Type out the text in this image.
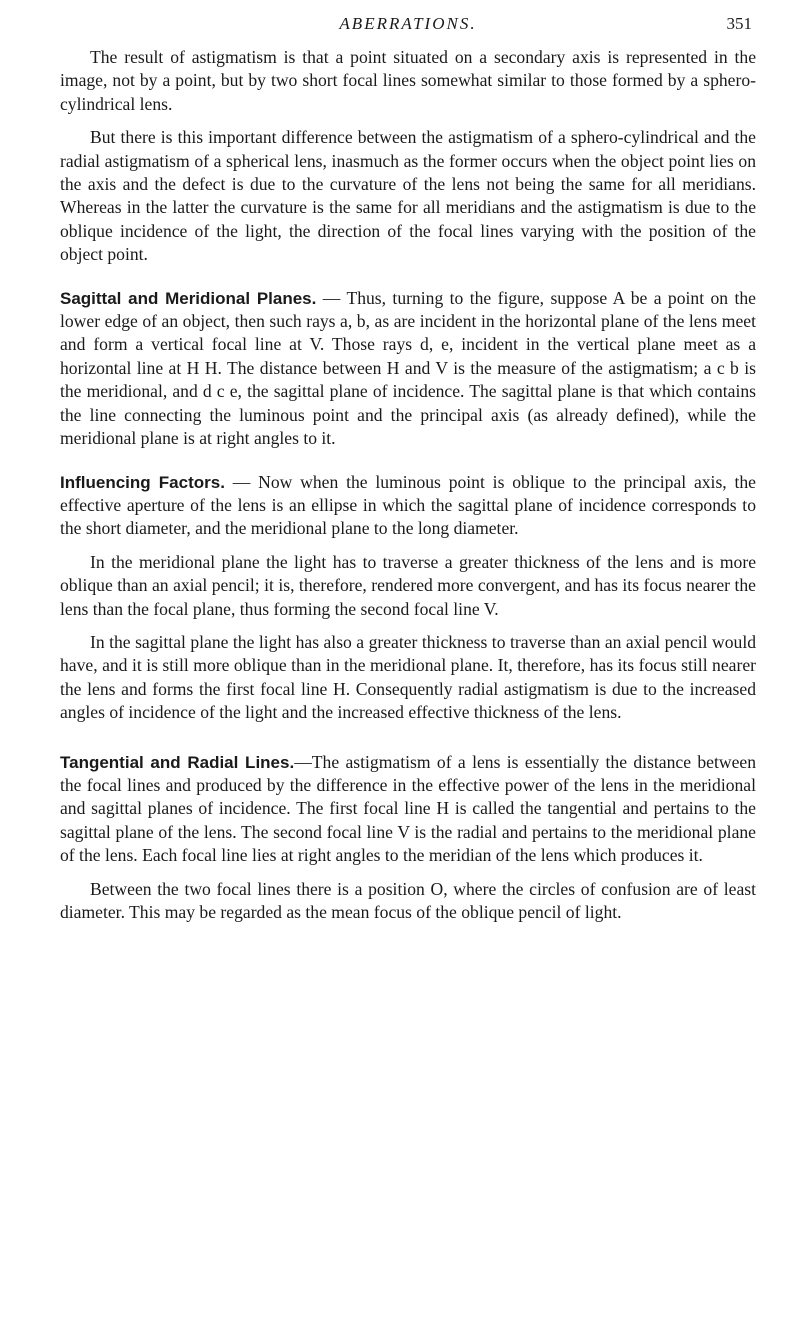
ABERRATIONS.	351

The result of astigmatism is that a point situated on a secondary axis is represented in the image, not by a point, but by two short focal lines somewhat similar to those formed by a sphero-cylindrical lens.

But there is this important difference between the astigmatism of a sphero-cylindrical and the radial astigmatism of a spherical lens, inasmuch as the former occurs when the object point lies on the axis and the defect is due to the curvature of the lens not being the same for all meridians. Whereas in the latter the curvature is the same for all meridians and the astigmatism is due to the oblique incidence of the light, the direction of the focal lines varying with the position of the object point.

Sagittal and Meridional Planes. — Thus, turning to the figure, suppose A be a point on the lower edge of an object, then such rays a, b, as are incident in the horizontal plane of the lens meet and form a vertical focal line at V. Those rays d, e, incident in the vertical plane meet as a horizontal line at H H. The distance between H and V is the measure of the astigmatism; a c b is the meridional, and d c e, the sagittal plane of incidence. The sagittal plane is that which contains the line connecting the luminous point and the principal axis (as already defined), while the meridional plane is at right angles to it.

Influencing Factors. — Now when the luminous point is oblique to the principal axis, the effective aperture of the lens is an ellipse in which the sagittal plane of incidence corresponds to the short diameter, and the meridional plane to the long diameter.

In the meridional plane the light has to traverse a greater thickness of the lens and is more oblique than an axial pencil; it is, therefore, rendered more convergent, and has its focus nearer the lens than the focal plane, thus forming the second focal line V.

In the sagittal plane the light has also a greater thickness to traverse than an axial pencil would have, and it is still more oblique than in the meridional plane. It, therefore, has its focus still nearer the lens and forms the first focal line H. Consequently radial astigmatism is due to the increased angles of incidence of the light and the increased effective thickness of the lens.

Tangential and Radial Lines.—The astigmatism of a lens is essentially the distance between the focal lines and produced by the difference in the effective power of the lens in the meridional and sagittal planes of incidence. The first focal line H is called the tangential and pertains to the sagittal plane of the lens. The second focal line V is the radial and pertains to the meridional plane of the lens. Each focal line lies at right angles to the meridian of the lens which produces it.

Between the two focal lines there is a position O, where the circles of confusion are of least diameter. This may be regarded as the mean focus of the oblique pencil of light.
